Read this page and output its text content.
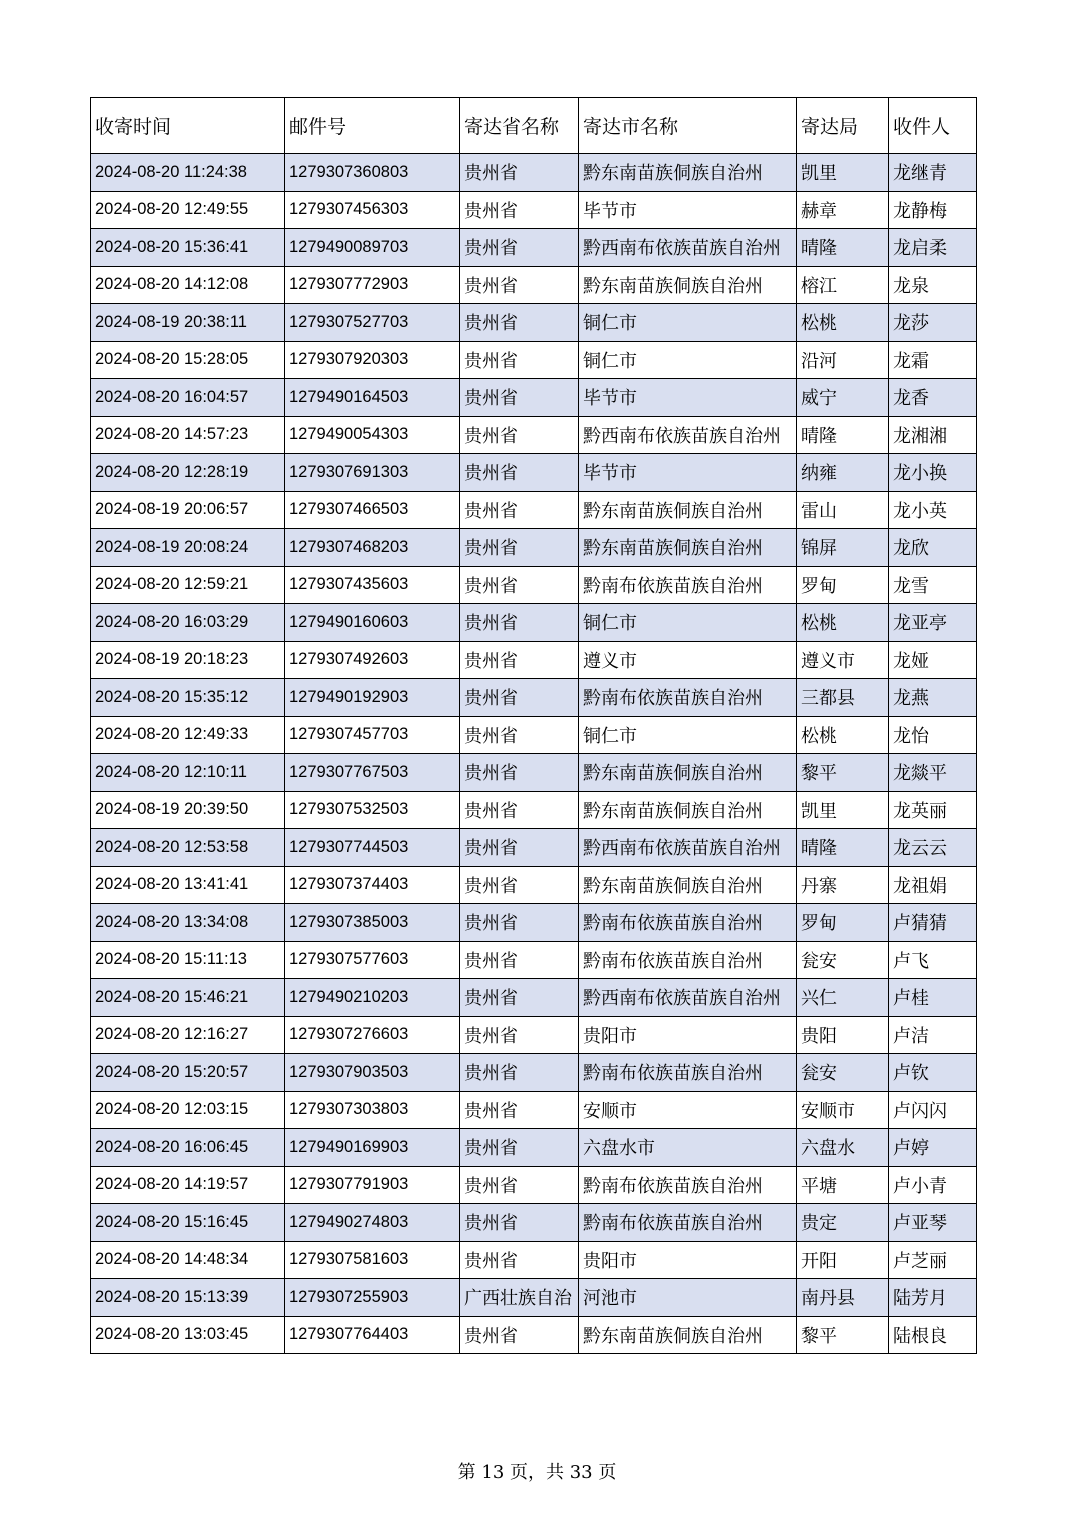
收寄时间	邮件号	寄达省名称	寄达市名称	寄达局	收件人
2024-08-20 11:24:38	1279307360803	贵州省	黔东南苗族侗族自治州	凯里	龙继青
2024-08-20 12:49:55	1279307456303	贵州省	毕节市	赫章	龙静梅
2024-08-20 15:36:41	1279490089703	贵州省	黔西南布依族苗族自治州	晴隆	龙启柔
2024-08-20 14:12:08	1279307772903	贵州省	黔东南苗族侗族自治州	榕江	龙泉
2024-08-19 20:38:11	1279307527703	贵州省	铜仁市	松桃	龙莎
2024-08-20 15:28:05	1279307920303	贵州省	铜仁市	沿河	龙霜
2024-08-20 16:04:57	1279490164503	贵州省	毕节市	威宁	龙香
2024-08-20 14:57:23	1279490054303	贵州省	黔西南布依族苗族自治州	晴隆	龙湘湘
2024-08-20 12:28:19	1279307691303	贵州省	毕节市	纳雍	龙小换
2024-08-19 20:06:57	1279307466503	贵州省	黔东南苗族侗族自治州	雷山	龙小英
2024-08-19 20:08:24	1279307468203	贵州省	黔东南苗族侗族自治州	锦屏	龙欣
2024-08-20 12:59:21	1279307435603	贵州省	黔南布依族苗族自治州	罗甸	龙雪
2024-08-20 16:03:29	1279490160603	贵州省	铜仁市	松桃	龙亚亭
2024-08-19 20:18:23	1279307492603	贵州省	遵义市	遵义市	龙娅
2024-08-20 15:35:12	1279490192903	贵州省	黔南布依族苗族自治州	三都县	龙燕
2024-08-20 12:49:33	1279307457703	贵州省	铜仁市	松桃	龙怡
2024-08-20 12:10:11	1279307767503	贵州省	黔东南苗族侗族自治州	黎平	龙燚平
2024-08-19 20:39:50	1279307532503	贵州省	黔东南苗族侗族自治州	凯里	龙英丽
2024-08-20 12:53:58	1279307744503	贵州省	黔西南布依族苗族自治州	晴隆	龙云云
2024-08-20 13:41:41	1279307374403	贵州省	黔东南苗族侗族自治州	丹寨	龙祖娟
2024-08-20 13:34:08	1279307385003	贵州省	黔南布依族苗族自治州	罗甸	卢猜猜
2024-08-20 15:11:13	1279307577603	贵州省	黔南布依族苗族自治州	瓮安	卢飞
2024-08-20 15:46:21	1279490210203	贵州省	黔西南布依族苗族自治州	兴仁	卢桂
2024-08-20 12:16:27	1279307276603	贵州省	贵阳市	贵阳	卢洁
2024-08-20 15:20:57	1279307903503	贵州省	黔南布依族苗族自治州	瓮安	卢钦
2024-08-20 12:03:15	1279307303803	贵州省	安顺市	安顺市	卢闪闪
2024-08-20 16:06:45	1279490169903	贵州省	六盘水市	六盘水	卢婷
2024-08-20 14:19:57	1279307791903	贵州省	黔南布依族苗族自治州	平塘	卢小青
2024-08-20 15:16:45	1279490274803	贵州省	黔南布依族苗族自治州	贵定	卢亚琴
2024-08-20 14:48:34	1279307581603	贵州省	贵阳市	开阳	卢芝丽
2024-08-20 15:13:39	1279307255903	广西壮族自治	河池市	南丹县	陆芳月
2024-08-20 13:03:45	1279307764403	贵州省	黔东南苗族侗族自治州	黎平	陆根良
第 13 页，共 33 页
